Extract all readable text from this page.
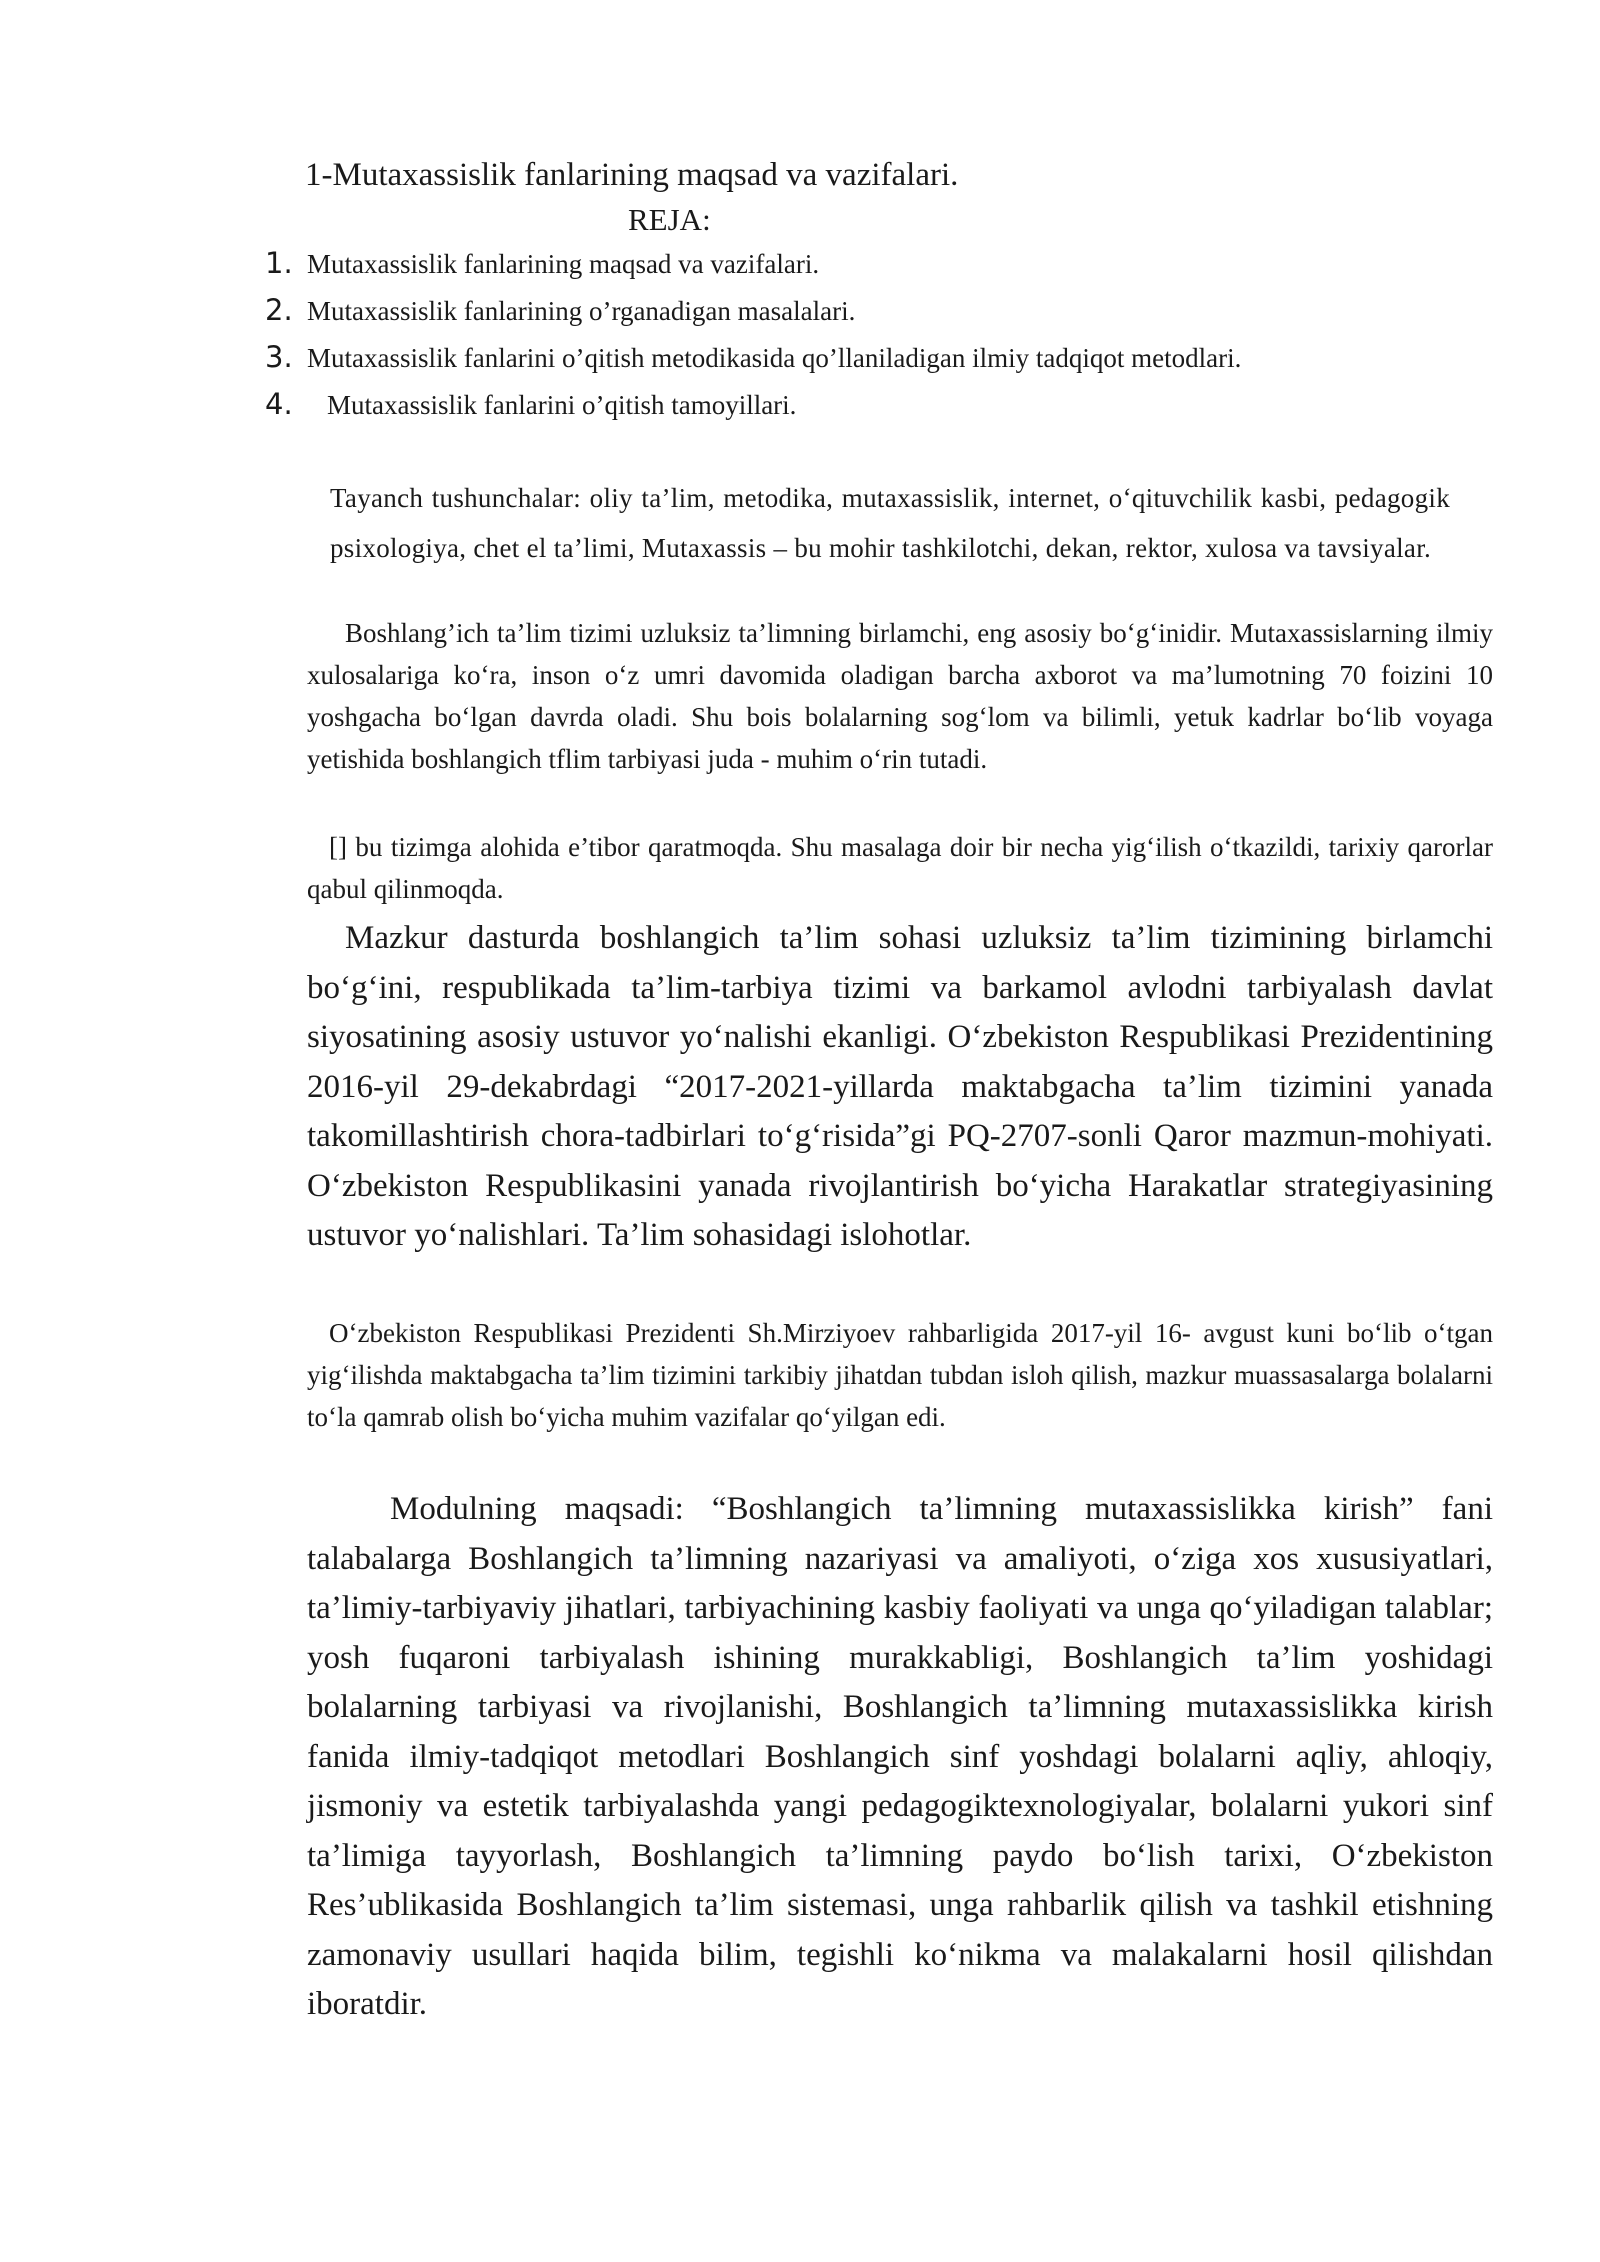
1-Mutaxassislik fanlarining maqsad va vazifalari.
REJA:
1. Mutaxassislik fanlarining maqsad va vazifalari.
2. Mutaxassislik fanlarining o’rganadigan masalalari.
3. Mutaxassislik fanlarini o’qitish metodikasida qo’llaniladigan ilmiy tadqiqot metodlari.
4.	Mutaxassislik fanlarini o’qitish tamoyillari.

Tayanch tushunchalar: oliy ta’lim, metodika, mutaxassislik, internet, o‘qituvchilik kasbi, pedagogik psixologiya, chet el ta’limi, Mutaxassis – bu mohir tashkilotchi, dekan, rektor, xulosa va tavsiyalar.

Boshlang’ich ta’lim tizimi uzluksiz ta’limning birlamchi, eng asosiy bo‘g‘inidir. Mutaxassislarning ilmiy xulosalariga ko‘ra, inson o‘z umri davomida oladigan barcha axborot va ma’lumotning 70 foizini 10 yoshgacha bo‘lgan davrda oladi. Shu bois bolalarning sog‘lom va bilimli, yetuk kadrlar bo‘lib voyaga yetishida boshlangich tflim tarbiyasi juda - muhim o‘rin tutadi.

[] bu tizimga alohida e’tibor qaratmoqda. Shu masalaga doir bir necha yig‘ilish o‘tkazildi, tarixiy qarorlar qabul qilinmoqda.

Mazkur dasturda boshlangich ta’lim sohasi uzluksiz ta’lim tizimining birlamchi bo‘g‘ini, respublikada ta’lim-tarbiya tizimi va barkamol avlodni tarbiyalash davlat siyosatining asosiy ustuvor yo‘nalishi ekanligi. O‘zbekiston Respublikasi Prezidentining 2016-yil 29-dekabrdagi “2017-2021-yillarda maktabgacha ta’lim tizimini yanada takomillashtirish chora-tadbirlari to‘g‘risida”gi PQ-2707-sonli Qaror mazmun-mohiyati. O‘zbekiston Respublikasini yanada rivojlantirish bo‘yicha Harakatlar strategiyasining ustuvor yo‘nalishlari. Ta’lim sohasidagi islohotlar.

O‘zbekiston Respublikasi Prezidenti Sh.Mirziyoev rahbarligida 2017-yil 16- avgust kuni bo‘lib o‘tgan yig‘ilishda maktabgacha ta’lim tizimini tarkibiy jihatdan tubdan isloh qilish, mazkur muassasalarga bolalarni to‘la qamrab olish bo‘yicha muhim vazifalar qo‘yilgan edi.

Modulning maqsadi: “Boshlangich ta’limning mutaxassislikka kirish” fani talabalarga Boshlangich ta’limning nazariyasi va amaliyoti, o‘ziga xos xususiyatlari, ta’limiy-tarbiyaviy jihatlari, tarbiyachining kasbiy faoliyati va unga qo‘yiladigan talablar; yosh fuqaroni tarbiyalash ishining murakkabligi, Boshlangich ta’lim yoshidagi bolalarning tarbiyasi va rivojlanishi, Boshlangich ta’limning mutaxassislikka kirish fanida ilmiy-tadqiqot metodlari Boshlangich sinf yoshdagi bolalarni aqliy, ahloqiy, jismoniy va estetik tarbiyalashda yangi pedagogiktexnologiyalar, bolalarni yukori sinf ta’limiga tayyorlash, Boshlangich ta’limning paydo bo‘lish tarixi, O‘zbekiston Res’ublikasida Boshlangich ta’lim sistemasi, unga rahbarlik qilish va tashkil etishning zamonaviy usullari haqida bilim, tegishli ko‘nikma va malakalarni hosil qilishdan iboratdir.
